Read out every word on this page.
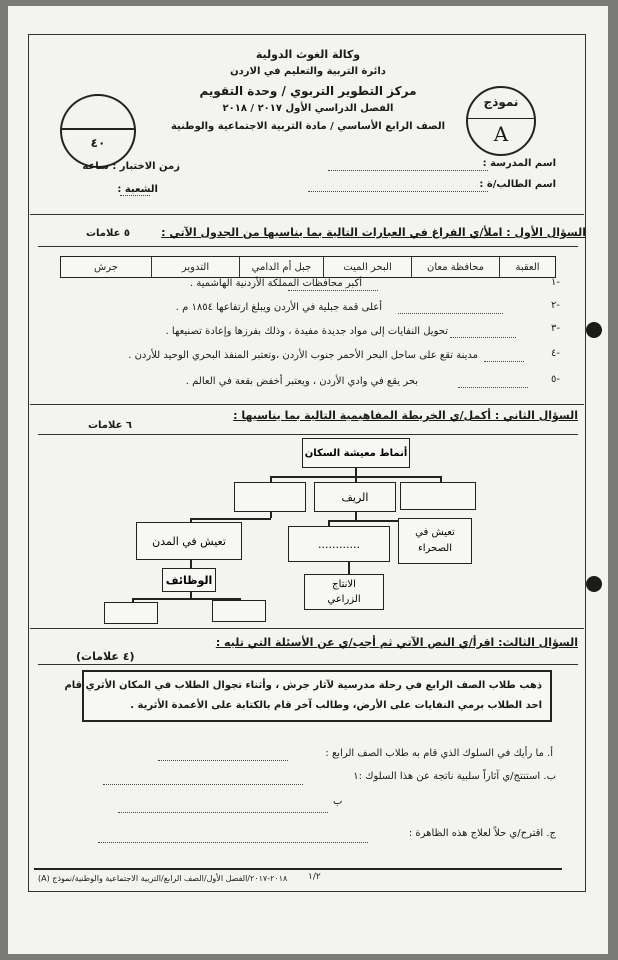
وكالة الغوث الدولية
دائرة التربية والتعليم في الاردن
مركز التطوير التربوي / وحدة التقويم
الفصل الدراسي الأول ٢٠١٧ / ٢٠١٨
الصف الرابع الأساسي / مادة التربية الاجتماعية والوطنية
نموذج
A
٤٠
اسم المدرسة :
اسم الطالب/ة :
زمن الاختبار : ساعة
الشعبة :
السؤال الأول : املأ/ي الفراغ في العبارات التالية بما يناسبها من الجدول الآتي :
٥ علامات
العقبة
محافظة معان
البحر الميت
جبل أم الدامي
التدوير
جرش
-١
أكبر محافظات المملكة الأردنية الهاشمية .
-٢
أعلى قمة جبلية في الأردن ويبلغ ارتفاعها ١٨٥٤ م .
-٣
تحويل النفايات إلى مواد جديدة مفيدة ، وذلك بفرزها وإعادة تصنيعها .
-٤
مدينة تقع على ساحل البحر الأحمر جنوب الأردن ،وتعتبر المنفذ البحري الوحيد للأردن .
-٥
بحر يقع في وادي الأردن ، ويعتبر أخفض بقعة في العالم .
السؤال الثاني : أكمل/ي الخريطة المفاهيمية التالية بما يناسبها :
٦ علامات
أنماط معيشة السكان
الريف
تعيش في المدن	............
تعيش في
الصحراء
الوظائف	الانتاج
الزراعي
السؤال الثالث: اقرأ/ي النص الآتي ثم أجب/ي عن الأسئلة التي تليه :
(٤ علامات)
ذهب طلاب الصف الرابع في رحلة مدرسية لآثار جرش ، وأثناء تجوال الطلاب في المكان الأثري قام
احد الطلاب برمي النفايات على الأرض، وطالب آخر قام بالكتابة على الأعمدة الأثرية .
أ. ما رأيك في السلوك الذي قام به طلاب الصف الرابع :
ب. استنتج/ي آثاراً سلبية ناتجة عن هذا السلوك :١
ب
ج. اقترح/ي حلاً لعلاج هذه الظاهرة :
١/٢
٢٠١٨-٢٠١٧/الفصل الأول/الصف الرابع/التربية الاجتماعية والوطنية/نموذج (A)
